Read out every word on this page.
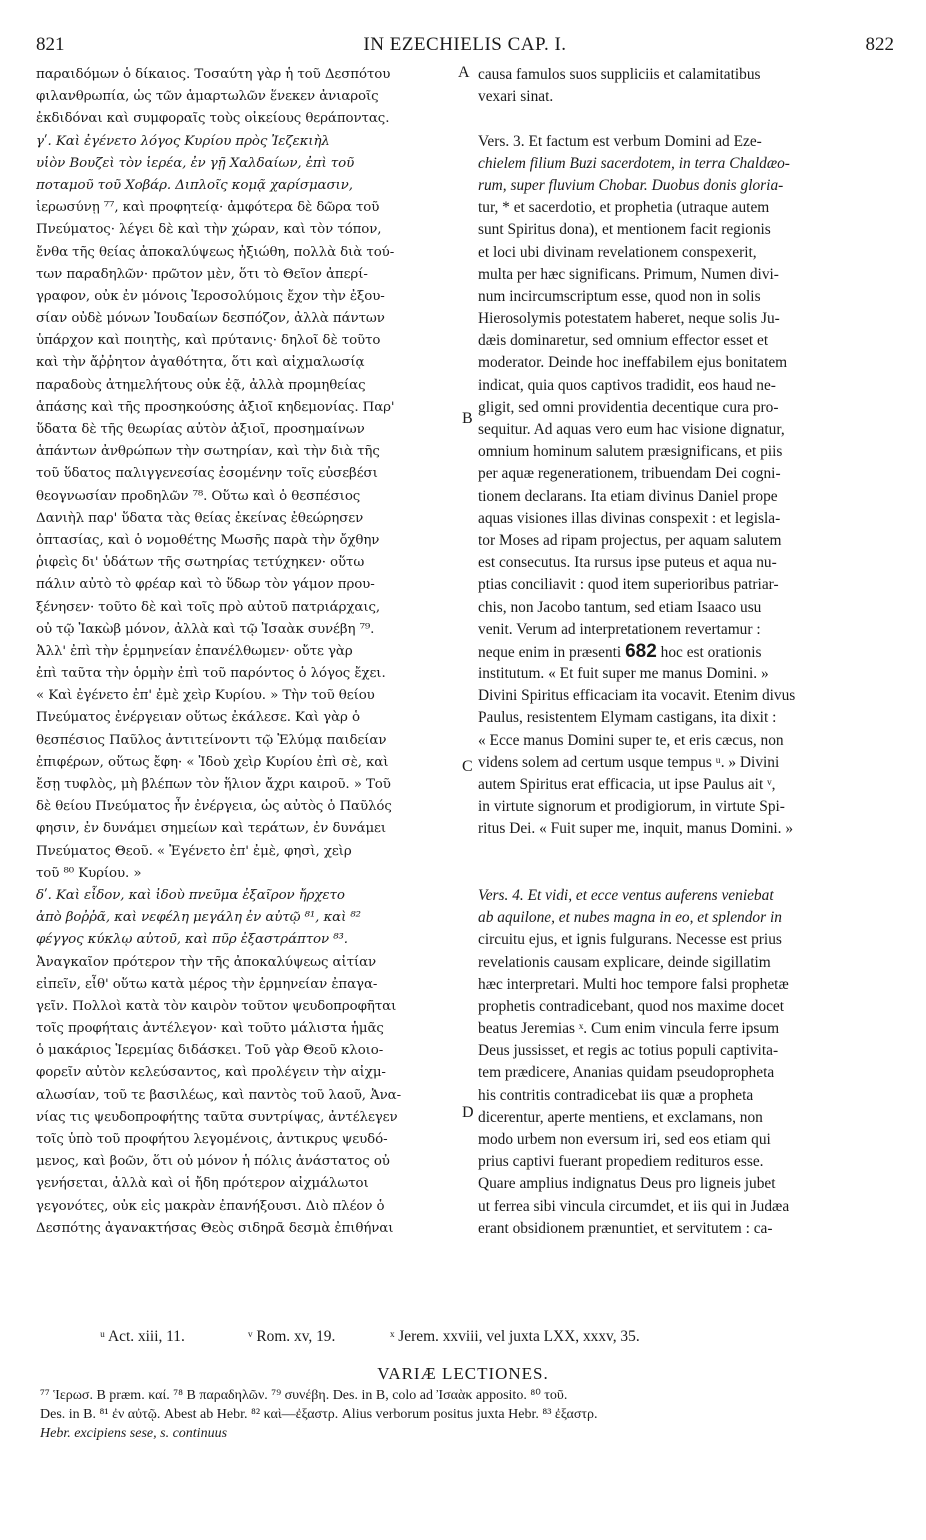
821	IN EZECHIELIS CAP. I.	822
παραιδόμων ὁ δίκαιος. Τοσαύτη γὰρ ἡ τοῦ Δεσπότου
φιλανθρωπία, ὡς τῶν ἁμαρτωλῶν ἕνεκεν ἀνιαροῖς
ἐκδιδόναι καὶ συμφοραῖς τοὺς οἰκείους θεράποντας.
γʹ. Καὶ ἐγένετο λόγος Κυρίου πρὸς Ἰεζεκιὴλ
υἱὸν Βουζεὶ τὸν ἱερέα, ἐν γῇ Χαλδαίων, ἐπὶ τοῦ
ποταμοῦ τοῦ Χοβάρ. Διπλοῖς κομᾷ χαρίσμασιν,
ἱερωσύνῃ ⁷⁷, καὶ προφητείᾳ· ἀμφότερα δὲ δῶρα τοῦ
Πνεύματος· λέγει δὲ καὶ τὴν χώραν, καὶ τὸν τόπον,
ἔνθα τῆς θείας ἀποκαλύψεως ἠξιώθη, πολλὰ διὰ τού-
των παραδηλῶν· πρῶτον μὲν, ὅτι τὸ Θεῖον ἀπερί-
γραφον, οὐκ ἐν μόνοις Ἱεροσολύμοις ἔχον τὴν ἐξου-
σίαν οὐδὲ μόνων Ἰουδαίων δεσπόζον, ἀλλὰ πάντων
ὑπάρχον καὶ ποιητὴς, καὶ πρύτανις· δηλοῖ δὲ τοῦτο
καὶ τὴν ἄῤῥητον ἀγαθότητα, ὅτι καὶ αἰχμαλωσίᾳ
παραδοὺς ἀτημελήτους οὐκ ἐᾷ, ἀλλὰ προμηθείας
ἁπάσης καὶ τῆς προσηκούσης ἀξιοῖ κηδεμονίας. Παρ'
ὕδατα δὲ τῆς θεωρίας αὐτὸν ἀξιοῖ, προσημαίνων
ἁπάντων ἀνθρώπων τὴν σωτηρίαν, καὶ τὴν διὰ τῆς
τοῦ ὕδατος παλιγγενεσίας ἐσομένην τοῖς εὐσεβέσι
θεογνωσίαν προδηλῶν ⁷⁸. Οὕτω καὶ ὁ θεσπέσιος
Δανιὴλ παρ' ὕδατα τὰς θείας ἐκείνας ἐθεώρησεν
ὀπτασίας, καὶ ὁ νομοθέτης Μωσῆς παρὰ τὴν ὄχθην
ῥιφεὶς δι' ὑδάτων τῆς σωτηρίας τετύχηκεν· οὕτω
πάλιν αὐτὸ τὸ φρέαρ καὶ τὸ ὕδωρ τὸν γάμον πρου-
ξένησεν· τοῦτο δὲ καὶ τοῖς πρὸ αὐτοῦ πατριάρχαις,
οὐ τῷ Ἰακὼβ μόνον, ἀλλὰ καὶ τῷ Ἰσαὰκ συνέβη ⁷⁹.
Ἀλλ' ἐπὶ τὴν ἑρμηνείαν ἐπανέλθωμεν· οὔτε γὰρ
ἐπὶ ταῦτα τὴν ὁρμὴν ἐπὶ τοῦ παρόντος ὁ λόγος ἔχει.
« Καὶ ἐγένετο ἐπ' ἐμὲ χεὶρ Κυρίου. » Τὴν τοῦ θείου
Πνεύματος ἐνέργειαν οὕτως ἐκάλεσε. Καὶ γὰρ ὁ
θεσπέσιος Παῦλος ἀντιτείνοντι τῷ Ἐλύμᾳ παιδείαν
ἐπιφέρων, οὕτως ἔφη· « Ἰδοὺ χεὶρ Κυρίου ἐπὶ σὲ, καὶ
ἔσῃ τυφλὸς, μὴ βλέπων τὸν ἥλιον ἄχρι καιροῦ. » Τοῦ
δὲ θείου Πνεύματος ἦν ἐνέργεια, ὡς αὐτὸς ὁ Παῦλός
φησιν, ἐν δυνάμει σημείων καὶ τεράτων, ἐν δυνάμει
Πνεύματος Θεοῦ. « Ἐγένετο ἐπ' ἐμὲ, φησὶ, χεὶρ
τοῦ ⁸⁰ Κυρίου. »
δʹ. Καὶ εἶδον, καὶ ἰδοὺ πνεῦμα ἐξαῖρον ἤρχετο
ἀπὸ βοῤῥᾶ, καὶ νεφέλη μεγάλη ἐν αὐτῷ ⁸¹, καὶ ⁸²
φέγγος κύκλῳ αὐτοῦ, καὶ πῦρ ἐξαστράπτον ⁸³.
Ἀναγκαῖον πρότερον τὴν τῆς ἀποκαλύψεως αἰτίαν
εἰπεῖν, εἶθ' οὕτω κατὰ μέρος τὴν ἑρμηνείαν ἐπαγα-
γεῖν. Πολλοὶ κατὰ τὸν καιρὸν τοῦτον ψευδοπροφῆται
τοῖς προφήταις ἀντέλεγον· καὶ τοῦτο μάλιστα ἡμᾶς
ὁ μακάριος Ἱερεμίας διδάσκει. Τοῦ γὰρ Θεοῦ κλοιο-
φορεῖν αὐτὸν κελεύσαντος, καὶ προλέγειν τὴν αἰχμ-
αλωσίαν, τοῦ τε βασιλέως, καὶ παντὸς τοῦ λαοῦ, Ἀνα-
νίας τις ψευδοπροφήτης ταῦτα συντρίψας, ἀντέλεγεν
τοῖς ὑπὸ τοῦ προφήτου λεγομένοις, ἀντικρυς ψευδό-
μενος, καὶ βοῶν, ὅτι οὐ μόνον ἡ πόλις ἀνάστατος οὐ
γενήσεται, ἀλλὰ καὶ οἱ ἤδη πρότερον αἰχμάλωτοι
γεγονότες, οὐκ εἰς μακρὰν ἐπανήξουσι. Διὸ πλέον ὁ
Δεσπότης ἀγανακτήσας Θεὸς σιδηρᾶ δεσμὰ ἐπιθήναι
causa famulos suos suppliciis et calamitatibus
vexari sinat.
Vers. 3. Et factum est verbum Domini ad Eze-
chielem filium Buzi sacerdotem, in terra Chaldæo-
rum, super fluvium Chobar. Duobus donis gloria-
tur, * et sacerdotio, et prophetia (utraque autem
sunt Spiritus dona), et mentionem facit regionis
et loci ubi divinam revelationem conspexerit,
multa per hæc significans. Primum, Numen divi-
num incircumscriptum esse, quod non in solis
Hierosolymis potestatem haberet, neque solis Ju-
dæis dominaretur, sed omnium effector esset et
moderator. Deinde hoc ineffabilem ejus bonitatem
indicat, quia quos captivos tradidit, eos haud ne-
gligit, sed omni providentia decentique cura pro-
sequitur. Ad aquas vero eum hac visione dignatur,
omnium hominum salutem præsignificans, et piis
per aquæ regenerationem, tribuendam Dei cogni-
tionem declarans. Ita etiam divinus Daniel prope
aquas visiones illas divinas conspexit : et legisla-
tor Moses ad ripam projectus, per aquam salutem
est consecutus. Ita rursus ipse puteus et aqua nu-
ptias conciliavit : quod item superioribus patriar-
chis, non Jacobo tantum, sed etiam Isaaco usu
venit. Verum ad interpretationem revertamur :
neque enim in præsenti 682 hoc est orationis
institutum. « Et fuit super me manus Domini. »
Divini Spiritus efficaciam ita vocavit. Etenim divus
Paulus, resistentem Elymam castigans, ita dixit :
« Ecce manus Domini super te, et eris cæcus, non
videns solem ad certum usque tempus ᵘ. » Divini
autem Spiritus erat efficacia, ut ipse Paulus ait ᵛ,
in virtute signorum et prodigiorum, in virtute Spi-
ritus Dei. « Fuit super me, inquit, manus Domini. »
Vers. 4. Et vidi, et ecce ventus auferens veniebat
ab aquilone, et nubes magna in eo, et splendor in
circuitu ejus, et ignis fulgurans. Necesse est prius
revelationis causam explicare, deinde sigillatim
hæc interpretari. Multi hoc tempore falsi prophetæ
prophetis contradicebant, quod nos maxime docet
beatus Jeremias ˣ. Cum enim vincula ferre ipsum
Deus jussisset, et regis ac totius populi captivita-
tem prædicere, Ananias quidam pseudopropheta
his contritis contradicebat iis quæ a propheta
dicerentur, aperte mentiens, et exclamans, non
modo urbem non eversum iri, sed eos etiam qui
prius captivi fuerant propediem redituros esse.
Quare amplius indignatus Deus pro ligneis jubet
ut ferrea sibi vincula circumdet, et iis qui in Judæa
erant obsidionem prænuntiet, et servitutem : ca-
A
B
C
D
ᵘ Act. xiii, 11.	ᵛ Rom. xv, 19.	ˣ Jerem. xxviii, vel juxta LXX, xxxv, 35.
VARIÆ LECTIONES.
⁷⁷ Ἱερωσ. B præm. καί. ⁷⁸ B παραδηλῶν. ⁷⁹ συνέβη. Des. in B, colo ad Ἰσαὰκ apposito. ⁸⁰ τοῦ.
Des. in B. ⁸¹ ἐν αὐτῷ. Abest ab Hebr. ⁸² καὶ—ἐξαστρ. Alius verborum positus juxta Hebr. ⁸³ ἐξαστρ.
Hebr. excipiens sese, s. continuus
